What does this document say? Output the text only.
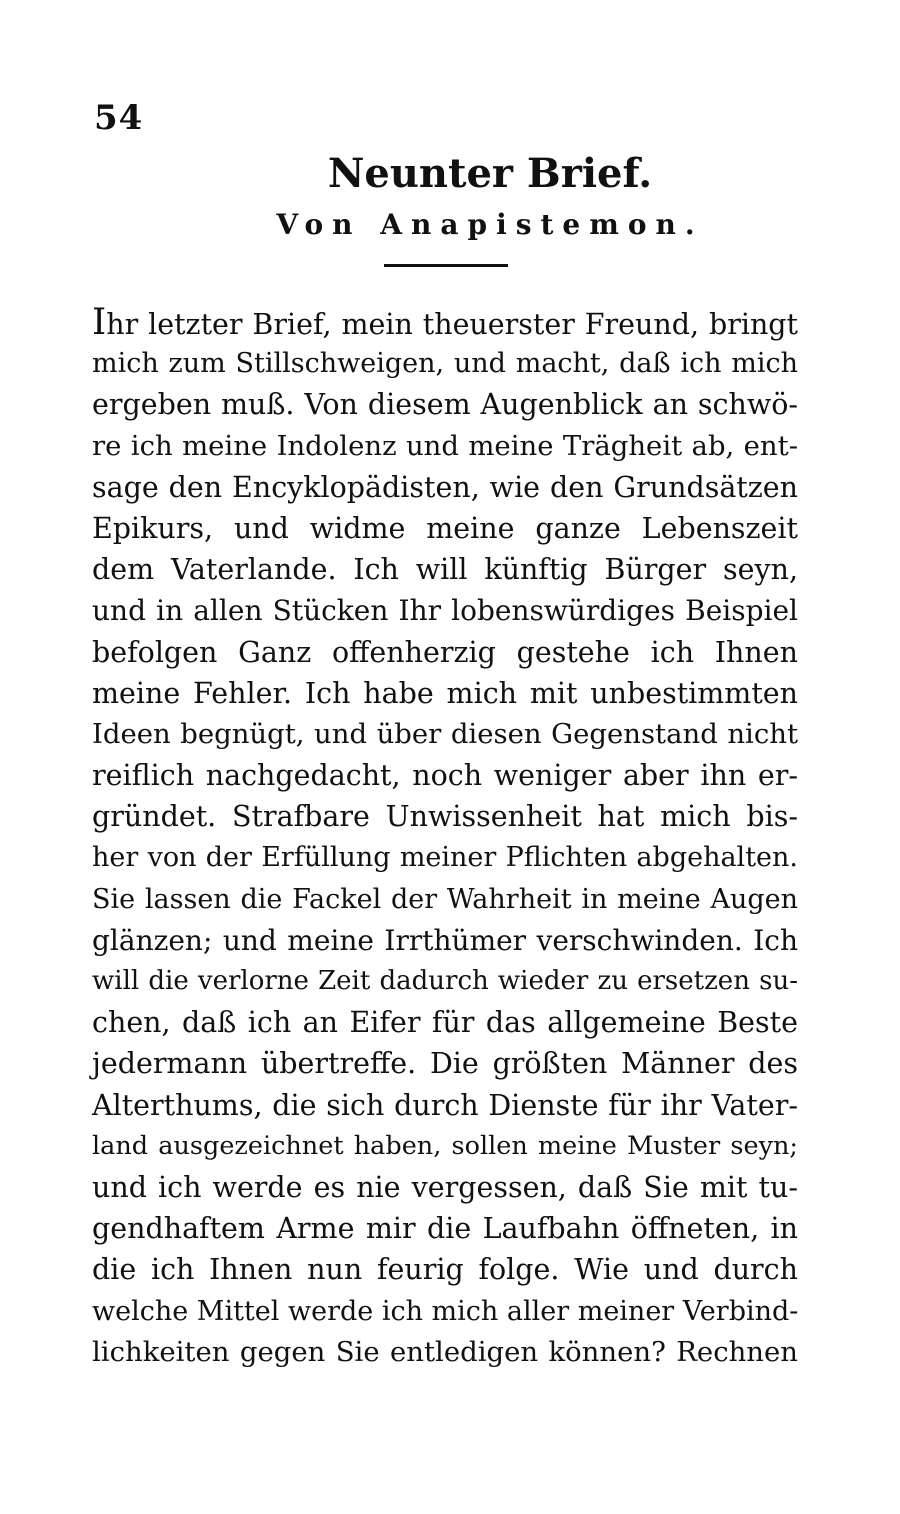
54
Neunter Brief.
Von Anapistemon.
Ihr letzter Brief, mein theuerster Freund, bringt
mich zum Stillschweigen, und macht, daß ich mich
ergeben muß. Von diesem Augenblick an schwö-
re ich meine Indolenz und meine Trägheit ab, ent-
sage den Encyklopädisten, wie den Grundsätzen
Epikurs, und widme meine ganze Lebenszeit
dem Vaterlande. Ich will künftig Bürger seyn,
und in allen Stücken Ihr lobenswürdiges Beispiel
befolgen Ganz offenherzig gestehe ich Ihnen
meine Fehler. Ich habe mich mit unbestimmten
Ideen begnügt, und über diesen Gegenstand nicht
reiflich nachgedacht, noch weniger aber ihn er-
gründet. Strafbare Unwissenheit hat mich bis-
her von der Erfüllung meiner Pflichten abgehalten.
Sie lassen die Fackel der Wahrheit in meine Augen
glänzen; und meine Irrthümer verschwinden. Ich
will die verlorne Zeit dadurch wieder zu ersetzen su-
chen, daß ich an Eifer für das allgemeine Beste
jedermann übertreffe. Die größten Männer des
Alterthums, die sich durch Dienste für ihr Vater-
land ausgezeichnet haben, sollen meine Muster seyn;
und ich werde es nie vergessen, daß Sie mit tu-
gendhaftem Arme mir die Laufbahn öffneten, in
die ich Ihnen nun feurig folge. Wie und durch
welche Mittel werde ich mich aller meiner Verbind-
lichkeiten gegen Sie entledigen können? Rechnen
